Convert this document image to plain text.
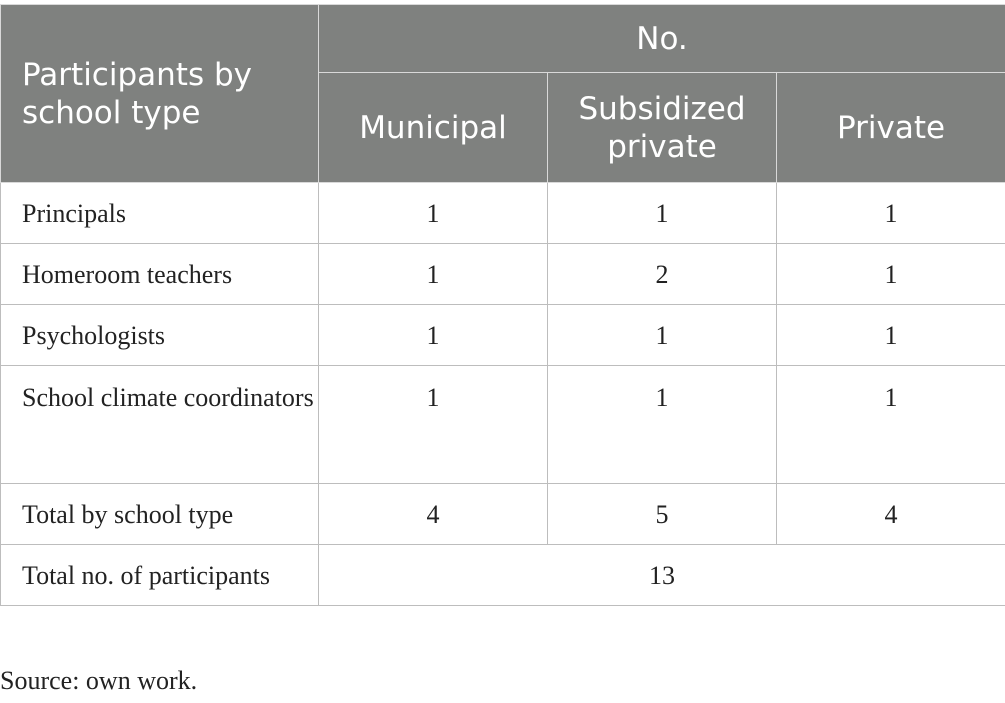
Participants by school type	No.		
	Municipal	Subsidized private	Private
Principals	1	1	1
Homeroom teachers	1	2	1
Psychologists	1	1	1
School climate coordinators	1	1	1
Total by school type	4	5	4
Total no. of participants	13		
Source: own work.
